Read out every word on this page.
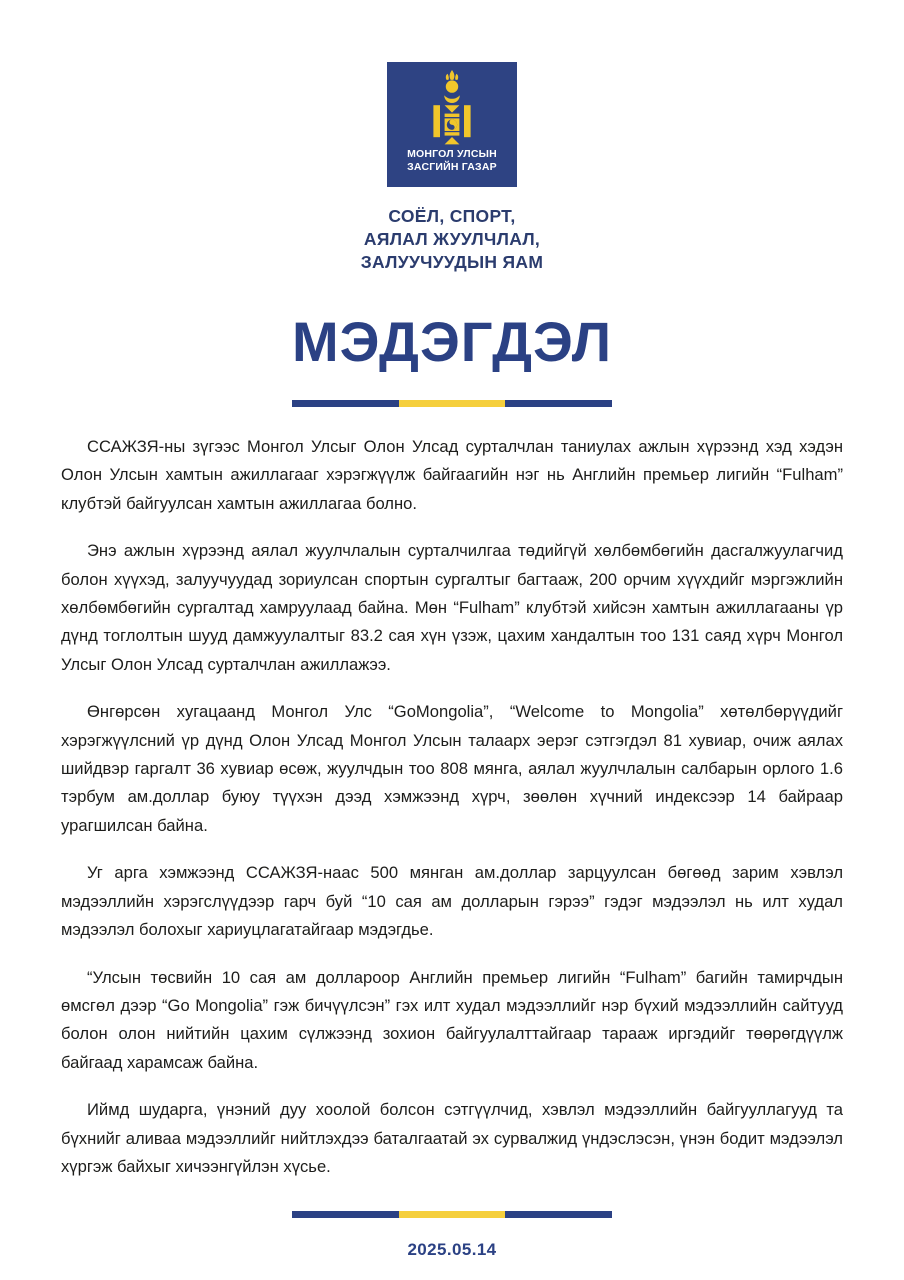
МОНГОЛ УЛСЫН
ЗАСГИЙН ГАЗАР
СОЁЛ, СПОРТ,
АЯЛАЛ ЖУУЛЧЛАЛ,
ЗАЛУУЧУУДЫН ЯАМ
МЭДЭГДЭЛ

ССАЖЗЯ-ны зүгээс Монгол Улсыг Олон Улсад сурталчлан таниулах ажлын хүрээнд хэд хэдэн Олон Улсын хамтын ажиллагааг хэрэгжүүлж байгаагийн нэг нь Английн премьер лигийн “Fulham” клубтэй байгуулсан хамтын ажиллагаа болно.

Энэ ажлын хүрээнд аялал жуулчлалын сурталчилгаа төдийгүй хөлбөмбөгийн дасгалжуулагчид болон хүүхэд, залуучуудад зориулсан спортын сургалтыг багтааж, 200 орчим хүүхдийг мэргэжлийн хөлбөмбөгийн сургалтад хамруулаад байна. Мөн “Fulham” клубтэй хийсэн хамтын ажиллагааны үр дүнд тоглолтын шууд дамжуулалтыг 83.2 сая хүн үзэж, цахим хандалтын тоо 131 саяд хүрч Монгол Улсыг Олон Улсад сурталчлан ажиллажээ.

Өнгөрсөн хугацаанд Монгол Улс “GoMongolia”, “Welcome to Mongolia” хөтөлбөрүүдийг хэрэгжүүлсний үр дүнд Олон Улсад Монгол Улсын талаарх эерэг сэтгэгдэл 81 хувиар, очиж аялах шийдвэр гаргалт 36 хувиар өсөж, жуулчдын тоо 808 мянга, аялал жуулчлалын салбарын орлого 1.6 тэрбум ам.доллар буюу түүхэн дээд хэмжээнд хүрч, зөөлөн хүчний индексээр 14 байраар урагшилсан байна.

Уг арга хэмжээнд ССАЖЗЯ-наас 500 мянган ам.доллар зарцуулсан бөгөөд зарим хэвлэл мэдээллийн хэрэгслүүдээр гарч буй “10 сая ам долларын гэрээ” гэдэг мэдээлэл нь илт худал мэдээлэл болохыг хариуцлагатайгаар мэдэгдье.

“Улсын төсвийн 10 сая ам доллароор Английн премьер лигийн “Fulham” багийн тамирчдын өмсгөл дээр “Go Mongolia” гэж бичүүлсэн” гэх илт худал мэдээллийг нэр бүхий мэдээллийн сайтууд болон олон нийтийн цахим сүлжээнд зохион байгуулалттайгаар тарааж иргэдийг төөрөгдүүлж байгаад харамсаж байна.

Иймд шударга, үнэний дуу хоолой болсон сэтгүүлчид, хэвлэл мэдээллийн байгууллагууд та бүхнийг аливаа мэдээллийг нийтлэхдээ баталгаатай эх сурвалжид үндэслэсэн, үнэн бодит мэдээлэл хүргэж байхыг хичээнгүйлэн хүсье.

2025.05.14
